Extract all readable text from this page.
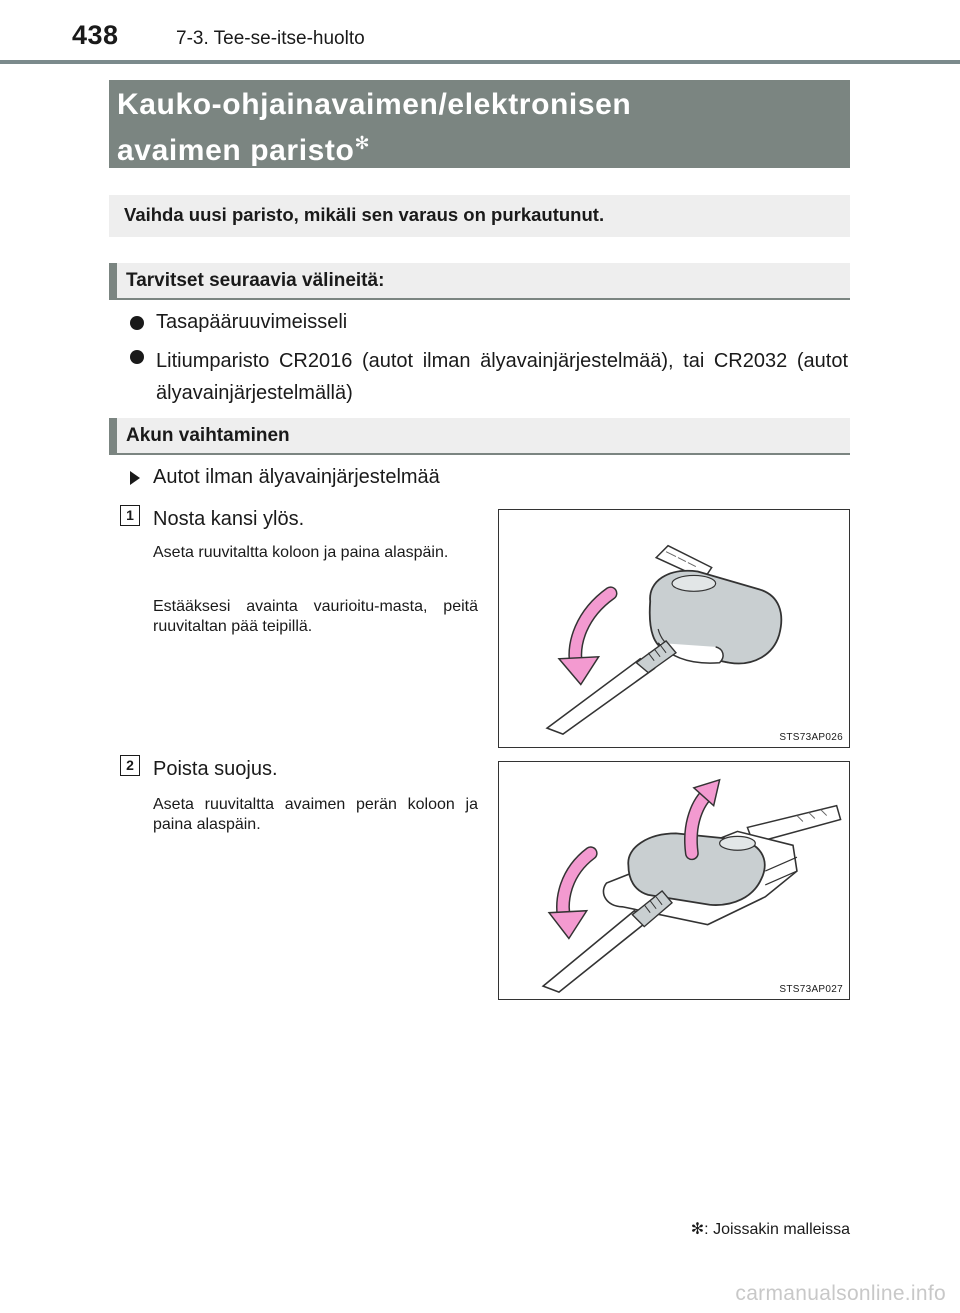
438	7-3. Tee-se-itse-huolto
Kauko-ohjainavaimen/elektronisen
avaimen paristo✻
Vaihda uusi paristo, mikäli sen varaus on purkautunut.
Tarvitset seuraavia välineitä:
Tasapääruuvimeisseli
Litiumparisto CR2016 (autot ilman älyavainjärjestelmää), tai CR2032 (autot älyavainjärjestelmällä)
Akun vaihtaminen
Autot ilman älyavainjärjestelmää
1 Nosta kansi ylös.
Aseta ruuvitaltta koloon ja paina alaspäin.
Estääksesi avainta vaurioitu-masta, peitä ruuvitaltan pää teipillä.
STS73AP026
2 Poista suojus.
Aseta ruuvitaltta avaimen perän koloon ja paina alaspäin.
STS73AP027
✻: Joissakin malleissa
carmanualsonline.info
